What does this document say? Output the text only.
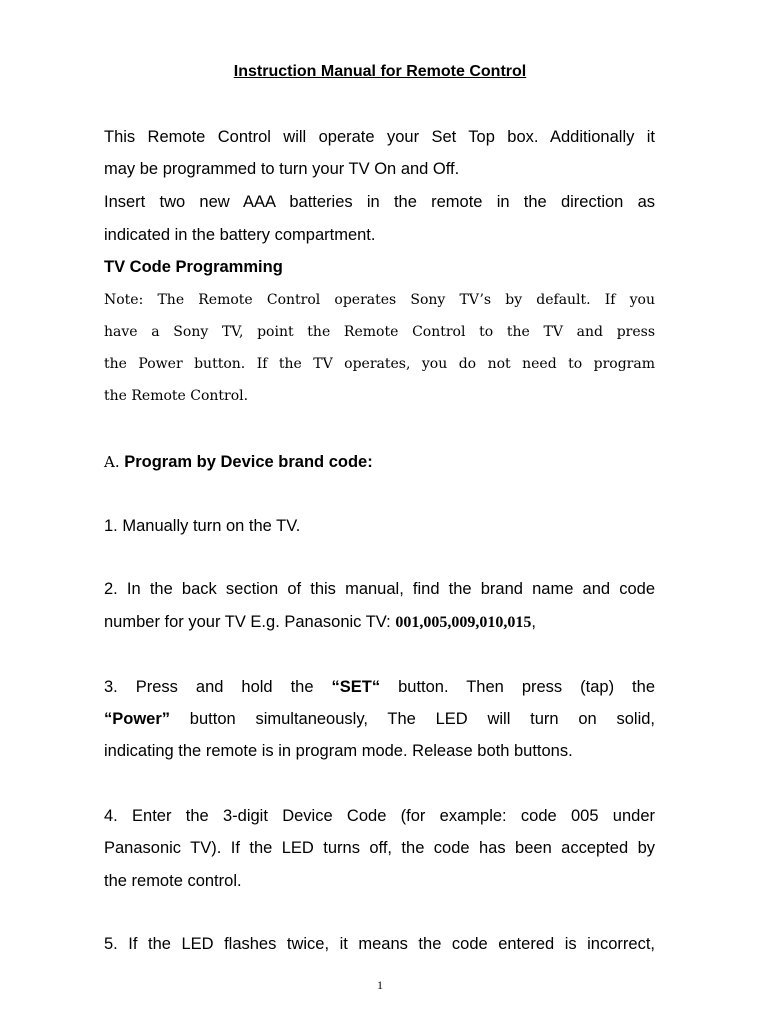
Instruction Manual for Remote Control
This Remote Control will operate your Set Top box. Additionally it
may be programmed to turn your TV On and Off.
Insert two new AAA batteries in the remote in the direction as
indicated in the battery compartment.
TV Code Programming
Note: The Remote Control operates Sony TV’s by default. If you
have a Sony TV, point the Remote Control to the TV and press
the Power button. If the TV operates, you do not need to program
the Remote Control.
A. Program by Device brand code:
1. Manually turn on the TV.
2. In the back section of this manual, find the brand name and code
number for your TV E.g. Panasonic TV: 001,005,009,010,015,
3. Press and hold the “SET“ button. Then press (tap) the
“Power” button simultaneously, The LED will turn on solid,
indicating the remote is in program mode. Release both buttons.
4. Enter the 3-digit Device Code (for example: code 005 under
Panasonic TV). If the LED turns off, the code has been accepted by
the remote control.
5. If the LED flashes twice, it means the code entered is incorrect,
1
